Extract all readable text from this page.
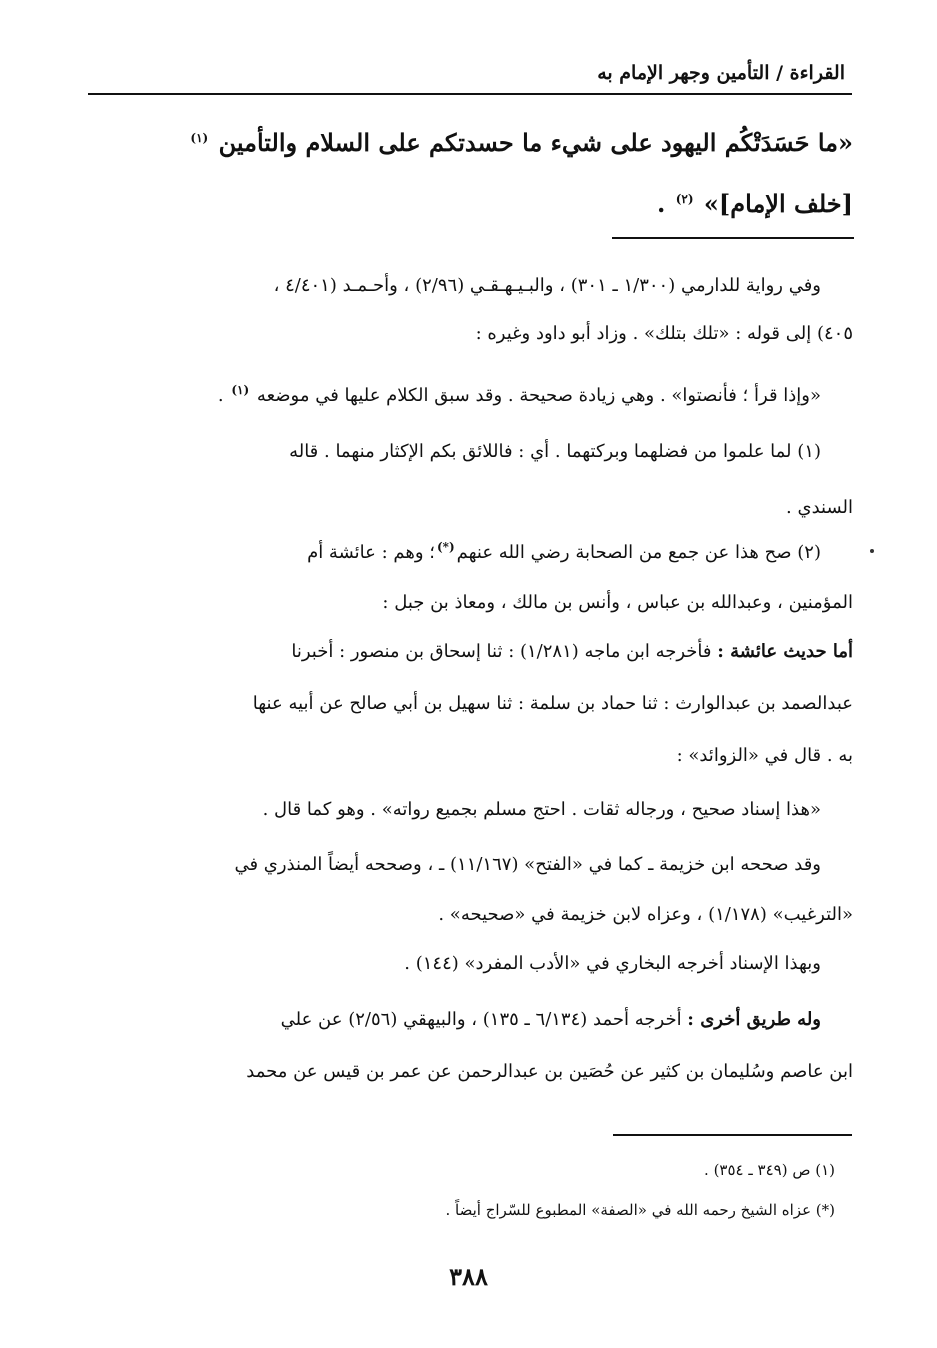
القراءة / التأمين وجهر الإمام به
«ما حَسَدَتْكُم اليهود على شيء ما حسدتكم على السلام والتأمين $^{(١)}$
[خلف الإمام]» $^{(٢)}$ .
وفي رواية للدارمي (١/٣٠٠ ـ ٣٠١) ، والبـيـهـقـي (٢/٩٦) ، وأحـمـد (٤/٤٠١ ،
٤٠٥) إلى قوله : «تلك بتلك» . وزاد أبو داود وغيره :
«وإذا قرأ ؛ فأنصتوا» . وهي زيادة صحيحة . وقد سبق الكلام عليها في موضعه $^{(١)}$ .
(١) لما علموا من فضلهما وبركتهما . أي : فاللائق بكم الإكثار منهما . قاله
السندي .
(٢) صح هذا عن جمع من الصحابة رضي الله عنهم(*)؛ وهم : عائشة أم
المؤمنين ، وعبدالله بن عباس ، وأنس بن مالك ، ومعاذ بن جبل :
أما حديث عائشة : فأخرجه ابن ماجه (١/٢٨١) : ثنا إسحاق بن منصور : أخبرنا
عبدالصمد بن عبدالوارث : ثنا حماد بن سلمة : ثنا سهيل بن أبي صالح عن أبيه عنها
به . قال في «الزوائد» :
«هذا إسناد صحيح ، ورجاله ثقات . احتج مسلم بجميع رواته» . وهو كما قال .
وقد صححه ابن خزيمة ـ كما في «الفتح» (١١/١٦٧) ـ ، وصححه أيضاً المنذري في
«الترغيب» (١/١٧٨) ، وعزاه لابن خزيمة في «صحيحه» .
وبهذا الإسناد أخرجه البخاري في «الأدب المفرد» (١٤٤) .
وله طريق أخرى : أخرجه أحمد (٦/١٣٤ ـ ١٣٥) ، والبيهقي (٢/٥٦) عن علي
ابن عاصم وسُليمان بن كثير عن حُصَين بن عبدالرحمن عن عمر بن قيس عن محمد
(١) ص (٣٤٩ ـ ٣٥٤) .
(*) عزاه الشيخ رحمه الله في «الصفة» المطبوع للسّراج أيضاً .
٣٨٨
